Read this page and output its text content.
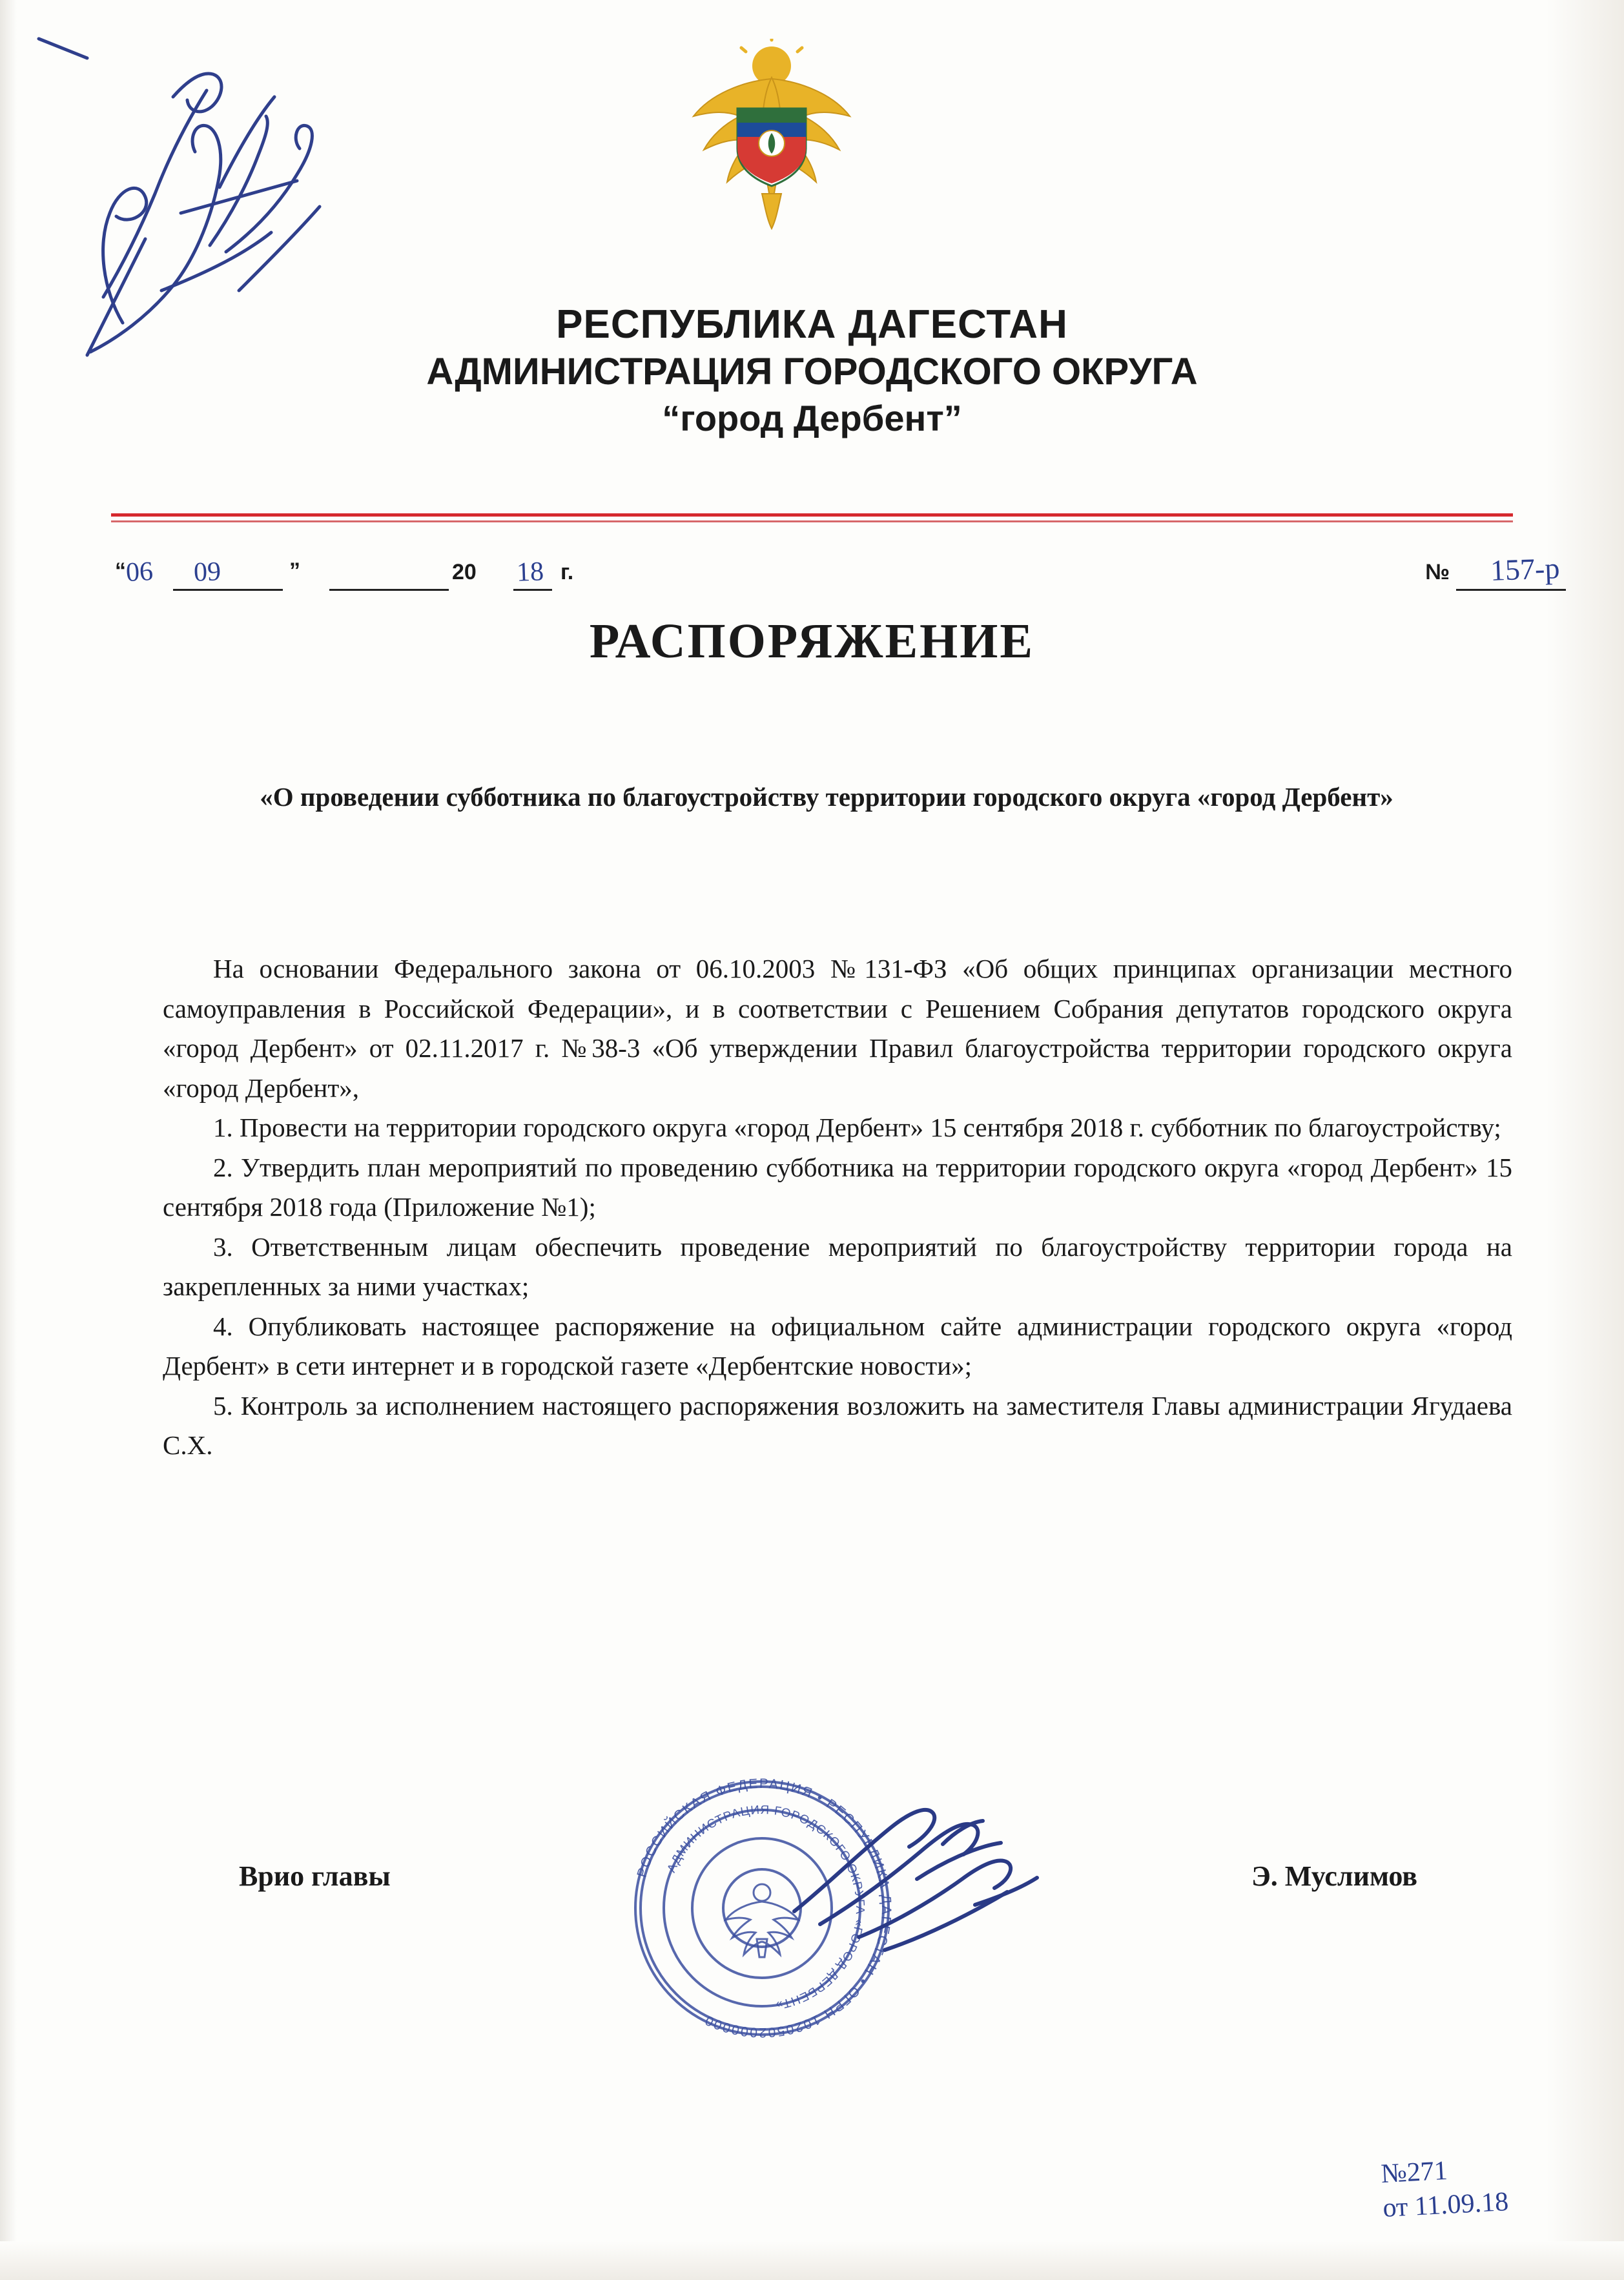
РЕСПУБЛИКА ДАГЕСТАН
АДМИНИСТРАЦИЯ ГОРОДСКОГО ОКРУГА
“город Дербент”
“	”	20	г.	№
06 09	18	157-р
РАСПОРЯЖЕНИЕ
«О проведении субботника по благоустройству территории городского округа «город Дербент»

На основании Федерального закона от 06.10.2003 №131-ФЗ «Об общих принципах организации местного самоуправления в Российской Федерации», и в соответствии с Решением Собрания депутатов городского округа «город Дербент» от 02.11.2017 г. №38-3 «Об утверждении Правил благоустройства территории городского округа «город Дербент»,

1. Провести на территории городского округа «город Дербент» 15 сентября 2018 г. субботник по благоустройству;

2. Утвердить план мероприятий по проведению субботника на территории городского округа «город Дербент» 15 сентября 2018 года (Приложение №1);

3. Ответственным лицам обеспечить проведение мероприятий по благоустройству территории города на закрепленных за ними участках;

4. Опубликовать настоящее распоряжение на официальном сайте администрации городского округа «город Дербент» в сети интернет и в городской газете «Дербентские новости»;

5. Контроль за исполнением настоящего распоряжения возложить на заместителя Главы администрации Ягудаева С.Х.

Врио главы	Э. Муслимов
РОССИЙСКАЯ ФЕДЕРАЦИЯ • РЕСПУБЛИКА ДАГЕСТАН • ОГРН 1020502000000
АДМИНИСТРАЦИЯ ГОРОДСКОГО ОКРУГА «ГОРОД ДЕРБЕНТ»
№271
от 11.09.18
